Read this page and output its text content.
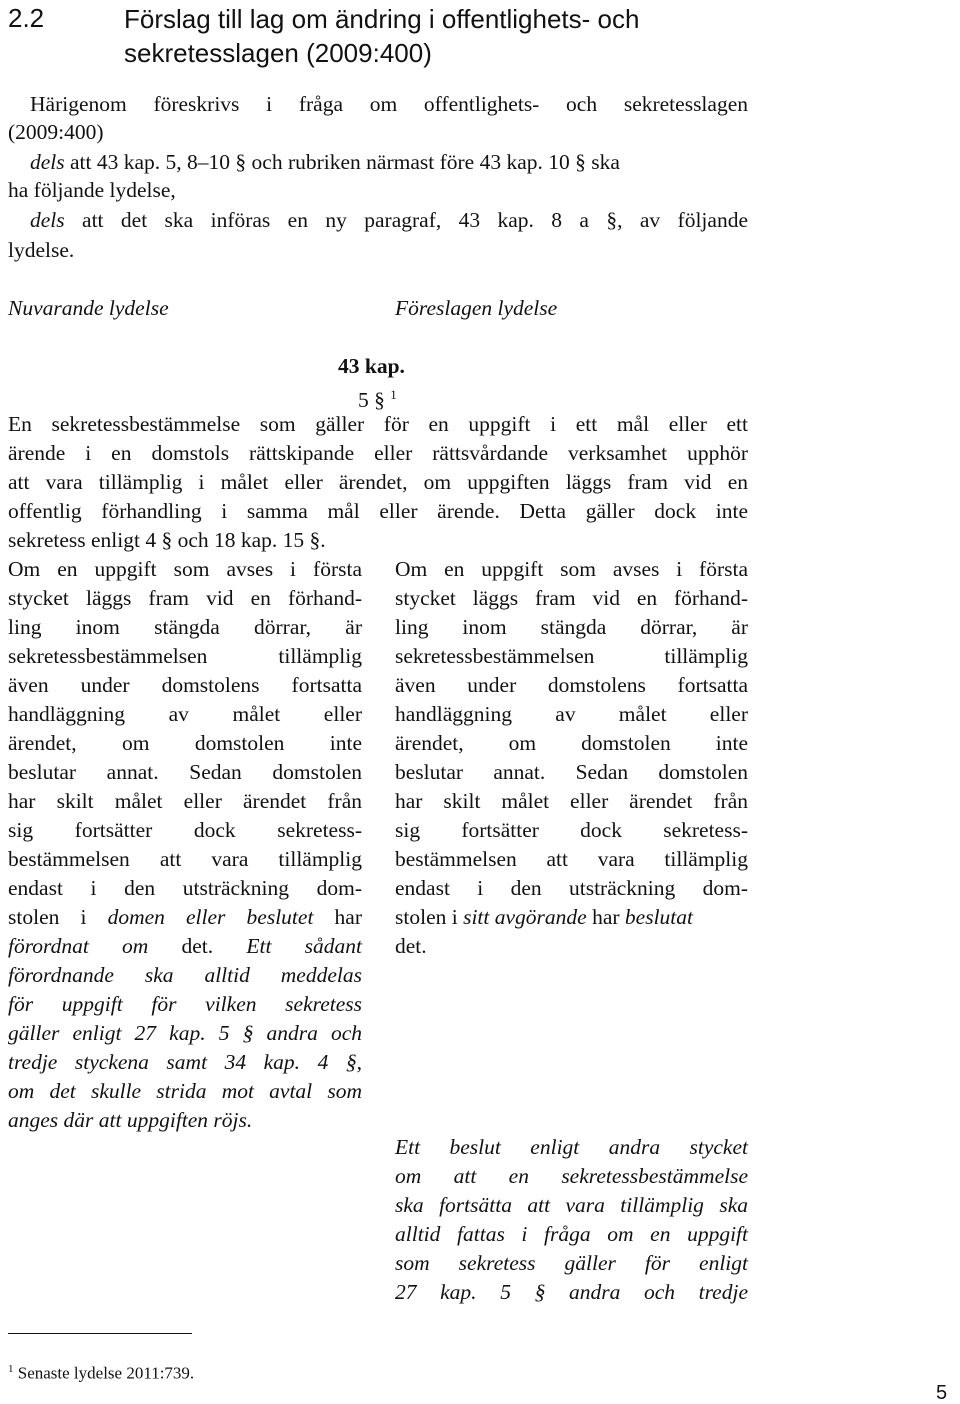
2.2	Förslag till lag om ändring i offentlighets- och
sekretesslagen (2009:400)
Härigenom föreskrivs i fråga om offentlighets- och sekretesslagen
(2009:400)
dels att 43 kap. 5, 8–10 § och rubriken närmast före 43 kap. 10 § ska
ha följande lydelse,
dels att det ska införas en ny paragraf, 43 kap. 8 a §, av följande
lydelse.
Nuvarande lydelse	Föreslagen lydelse
43 kap.
5 § $^1$
En sekretessbestämmelse som gäller för en uppgift i ett mål eller ett
ärende i en domstols rättskipande eller rättsvårdande verksamhet upphör
att vara tillämplig i målet eller ärendet, om uppgiften läggs fram vid en
offentlig förhandling i samma mål eller ärende. Detta gäller dock inte
sekretess enligt 4 § och 18 kap. 15 §.
Om en uppgift som avses i första
stycket läggs fram vid en förhand-
ling inom stängda dörrar, är
sekretessbestämmelsen tillämplig
även under domstolens fortsatta
handläggning av målet eller
ärendet, om domstolen inte
beslutar annat. Sedan domstolen
har skilt målet eller ärendet från
sig fortsätter dock sekretess-
bestämmelsen att vara tillämplig
endast i den utsträckning dom-
stolen i domen eller beslutet har
förordnat om det. Ett sådant
förordnande ska alltid meddelas
för uppgift för vilken sekretess
gäller enligt 27 kap. 5 § andra och
tredje styckena samt 34 kap. 4 §,
om det skulle strida mot avtal som
anges där att uppgiften röjs.
Om en uppgift som avses i första
stycket läggs fram vid en förhand-
ling inom stängda dörrar, är
sekretessbestämmelsen tillämplig
även under domstolens fortsatta
handläggning av målet eller
ärendet, om domstolen inte
beslutar annat. Sedan domstolen
har skilt målet eller ärendet från
sig fortsätter dock sekretess-
bestämmelsen att vara tillämplig
endast i den utsträckning dom-
stolen i sitt avgörande har beslutat
det.
Ett beslut enligt andra stycket
om att en sekretessbestämmelse
ska fortsätta att vara tillämplig ska
alltid fattas i fråga om en uppgift
som sekretess gäller för enligt
27 kap. 5 § andra och tredje
$^1$ Senaste lydelse 2011:739.
5
